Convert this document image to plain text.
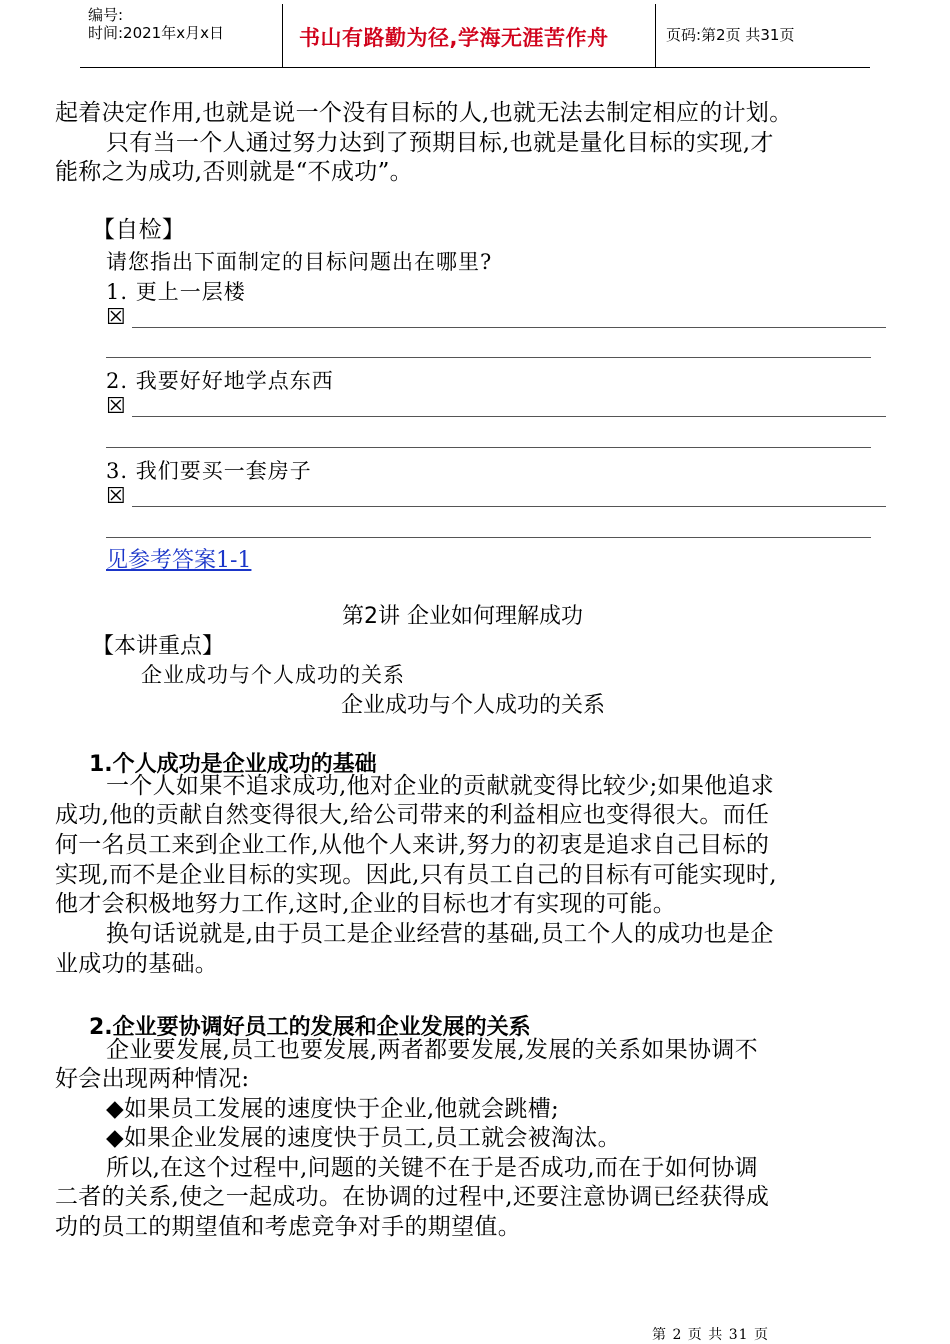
编号:
时间:2021年x月x日	书山有路勤为径,学海无涯苦作舟	页码:第2页 共31页
起着决定作用,也就是说一个没有目标的人,也就无法去制定相应的计划。
只有当一个人通过努力达到了预期目标,也就是量化目标的实现,才
能称之为成功,否则就是“不成功”。
【自检】
请您指出下面制定的目标问题出在哪里?
1. 更上一层楼
☒
2. 我要好好地学点东西
☒
3. 我们要买一套房子
☒
见参考答案1-1
第2讲 企业如何理解成功
【本讲重点】
企业成功与个人成功的关系
企业成功与个人成功的关系
1.个人成功是企业成功的基础
一个人如果不追求成功,他对企业的贡献就变得比较少;如果他追求
成功,他的贡献自然变得很大,给公司带来的利益相应也变得很大。而任
何一名员工来到企业工作,从他个人来讲,努力的初衷是追求自己目标的
实现,而不是企业目标的实现。因此,只有员工自己的目标有可能实现时,
他才会积极地努力工作,这时,企业的目标也才有实现的可能。
换句话说就是,由于员工是企业经营的基础,员工个人的成功也是企
业成功的基础。
2.企业要协调好员工的发展和企业发展的关系
企业要发展,员工也要发展,两者都要发展,发展的关系如果协调不
好会出现两种情况:
◆如果员工发展的速度快于企业,他就会跳槽;
◆如果企业发展的速度快于员工,员工就会被淘汰。
所以,在这个过程中,问题的关键不在于是否成功,而在于如何协调
二者的关系,使之一起成功。在协调的过程中,还要注意协调已经获得成
功的员工的期望值和考虑竞争对手的期望值。
第 2 页 共 31 页
